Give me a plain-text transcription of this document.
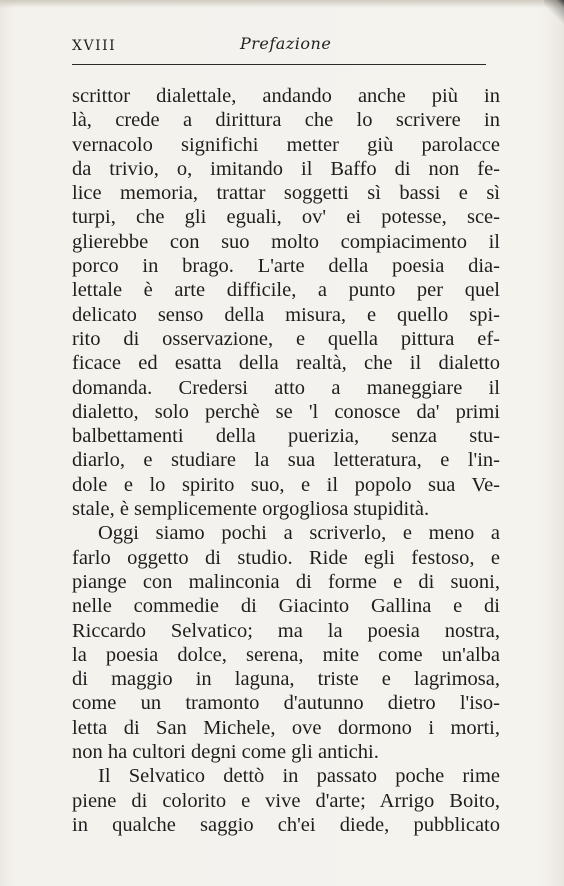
XVIII	Prefazione
scrittor dialettale, andando anche più in
là, crede a dirittura che lo scrivere in
vernacolo significhi metter giù parolacce
da trivio, o, imitando il Baffo di non fe-
lice memoria, trattar soggetti sì bassi e sì
turpi, che gli eguali, ov' ei potesse, sce-
glierebbe con suo molto compiacimento il
porco in brago. L'arte della poesia dia-
lettale è arte difficile, a punto per quel
delicato senso della misura, e quello spi-
rito di osservazione, e quella pittura ef-
ficace ed esatta della realtà, che il dialetto
domanda. Credersi atto a maneggiare il
dialetto, solo perchè se 'l conosce da' primi
balbettamenti della puerizia, senza stu-
diarlo, e studiare la sua letteratura, e l'in-
dole e lo spirito suo, e il popolo sua Ve-
stale, è semplicemente orgogliosa stupidità.
Oggi siamo pochi a scriverlo, e meno a
farlo oggetto di studio. Ride egli festoso, e
piange con malinconia di forme e di suoni,
nelle commedie di Giacinto Gallina e di
Riccardo Selvatico; ma la poesia nostra,
la poesia dolce, serena, mite come un'alba
di maggio in laguna, triste e lagrimosa,
come un tramonto d'autunno dietro l'iso-
letta di San Michele, ove dormono i morti,
non ha cultori degni come gli antichi.
Il Selvatico dettò in passato poche rime
piene di colorito e vive d'arte; Arrigo Boito,
in qualche saggio ch'ei diede, pubblicato
